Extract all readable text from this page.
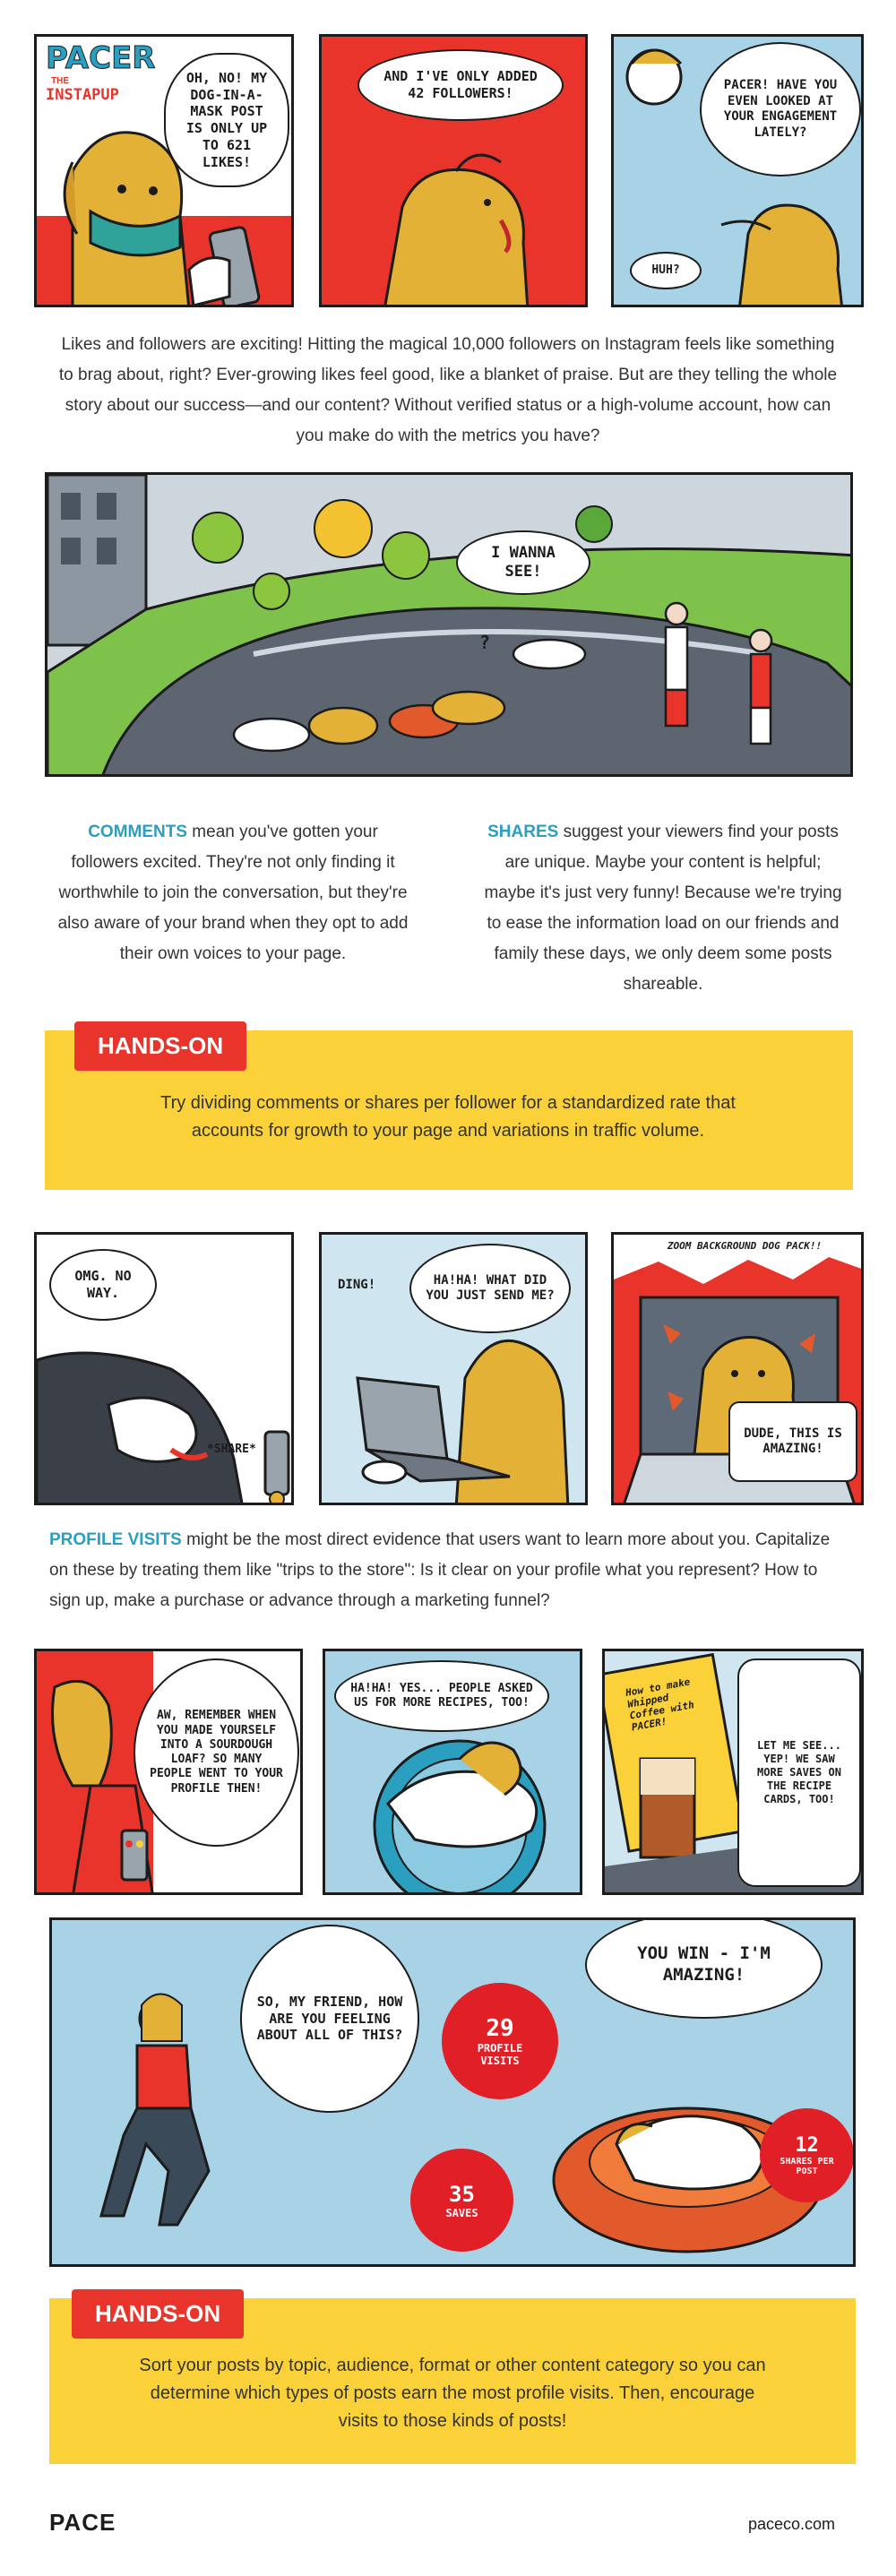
PACER
THE
INSTAPUP
OH, NO! MY DOG-IN-A-MASK POST IS ONLY UP TO 621 LIKES!
AND I'VE ONLY ADDED 42 FOLLOWERS!	PACER! HAVE YOU EVEN LOOKED AT YOUR ENGAGEMENT LATELY?
HUH?
Likes and followers are exciting! Hitting the magical 10,000 followers on Instagram feels like something to brag about, right? Ever-growing likes feel good, like a blanket of praise. But are they telling the whole story about our success—and our content? Without verified status or a high-volume account, how can you make do with the metrics you have?
I WANNA SEE!
?
COMMENTS mean you've gotten your followers excited. They're not only finding it worthwhile to join the conversation, but they're also aware of your brand when they opt to add their own voices to your page.
SHARES suggest your viewers find your posts are unique. Maybe your content is helpful; maybe it's just very funny! Because we're trying to ease the information load on our friends and family these days, we only deem some posts shareable.
HANDS-ON

Try dividing comments or shares per follower for a standardized rate that accounts for growth to your page and variations in traffic volume.

OMG. NO WAY.
*SHARE*
DING!	HA!HA! WHAT DID YOU JUST SEND ME?
ZOOM BACKGROUND DOG PACK!!
DUDE, THIS IS AMAZING!
PROFILE VISITS might be the most direct evidence that users want to learn more about you. Capitalize on these by treating them like "trips to the store": Is it clear on your profile what you represent? How to sign up, make a purchase or advance through a marketing funnel?
AW, REMEMBER WHEN YOU MADE YOURSELF INTO A SOURDOUGH LOAF? SO MANY PEOPLE WENT TO YOUR PROFILE THEN!
HA!HA! YES... PEOPLE ASKED US FOR MORE RECIPES, TOO!
How to make Whipped Coffee with PACER!
LET ME SEE... YEP! WE SAW MORE SAVES ON THE RECIPE CARDS, TOO!
SO, MY FRIEND, HOW ARE YOU FEELING ABOUT ALL OF THIS?
YOU WIN - I'M AMAZING!
29
PROFILE VISITS
35
SAVES
12
SHARES PER POST
HANDS-ON

Sort your posts by topic, audience, format or other content category so you can determine which types of posts earn the most profile visits. Then, encourage visits to those kinds of posts!

PACE	paceco.com
